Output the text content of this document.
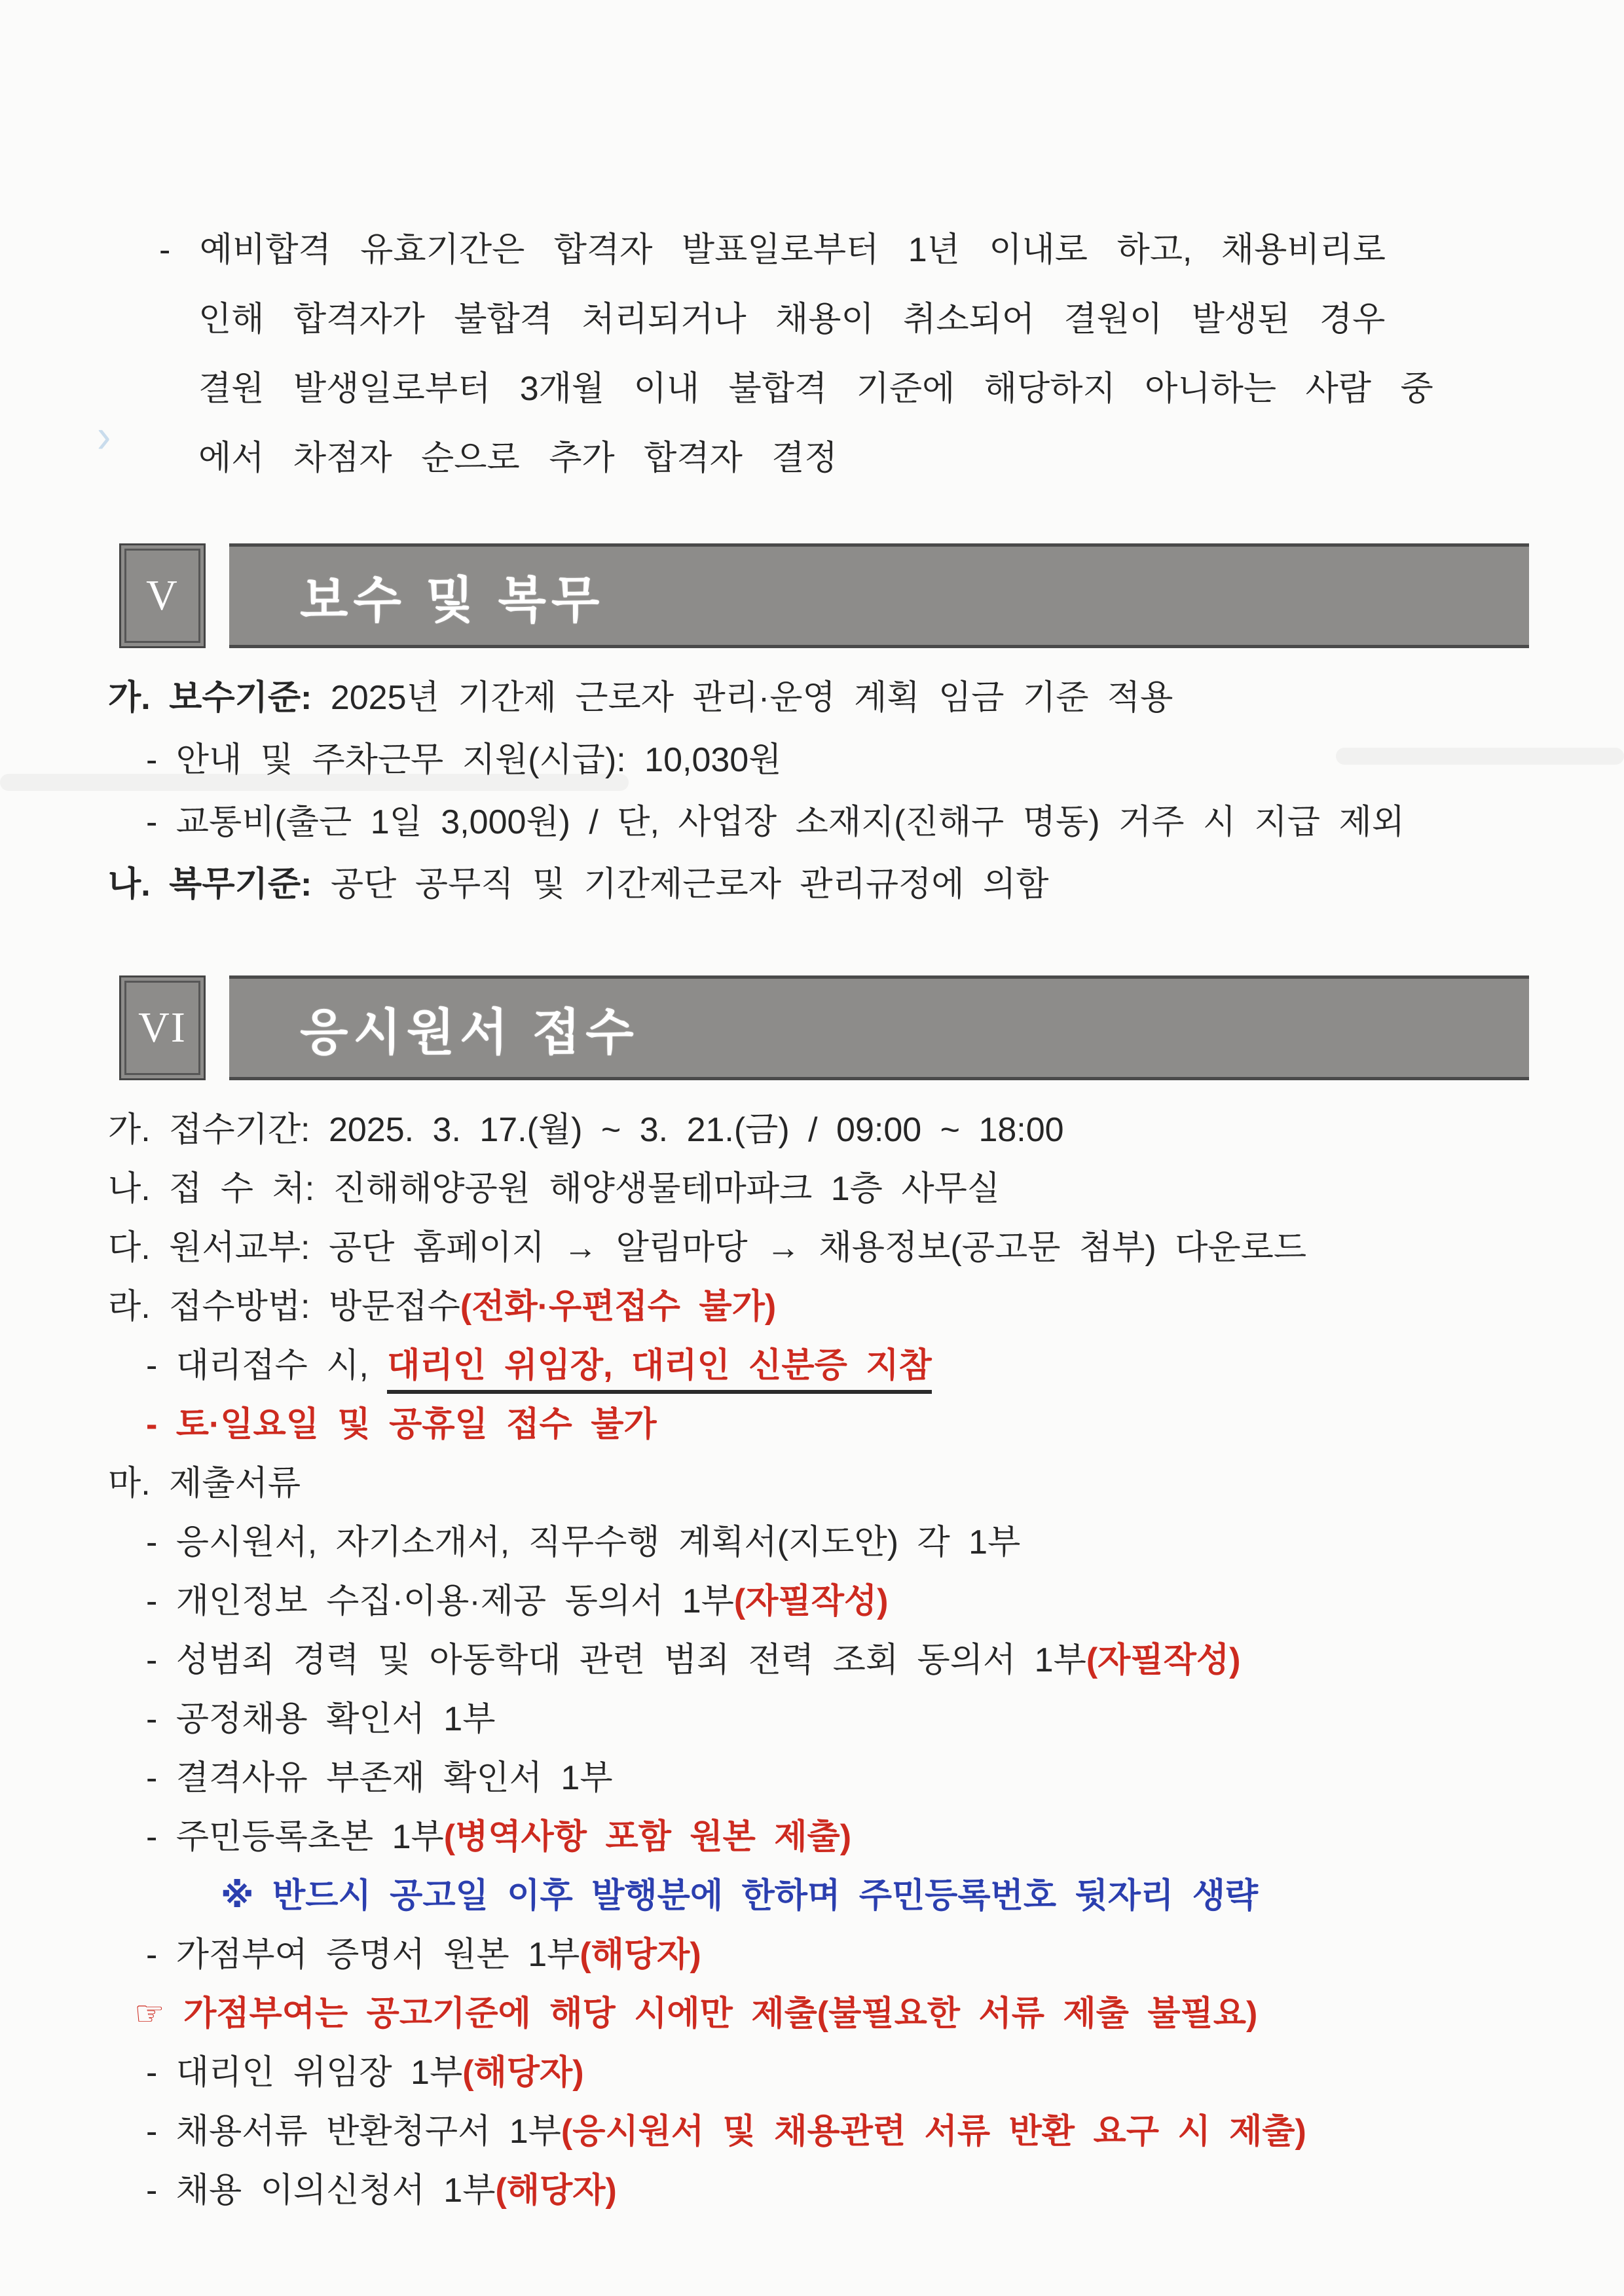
›
- 예비합격 유효기간은 합격자 발표일로부터 1년 이내로 하고, 채용비리로
인해 합격자가 불합격 처리되거나 채용이 취소되어 결원이 발생된 경우
결원 발생일로부터 3개월 이내 불합격 기준에 해당하지 아니하는 사람 중
에서 차점자 순으로 추가 합격자 결정
V	보수 및 복무
가. 보수기준: 2025년 기간제 근로자 관리·운영 계획 임금 기준 적용
- 안내 및 주차근무 지원(시급): 10,030원
- 교통비(출근 1일 3,000원) / 단, 사업장 소재지(진해구 명동) 거주 시 지급 제외
나. 복무기준: 공단 공무직 및 기간제근로자 관리규정에 의함
VI	응시원서 접수
가. 접수기간: 2025. 3. 17.(월) ~ 3. 21.(금) / 09:00 ~ 18:00
나. 접 수 처: 진해해양공원 해양생물테마파크 1층 사무실
다. 원서교부: 공단 홈페이지 → 알림마당 → 채용정보(공고문 첨부) 다운로드
라. 접수방법: 방문접수(전화·우편접수 불가)
- 대리접수 시, 대리인 위임장, 대리인 신분증 지참
- 토·일요일 및 공휴일 접수 불가
마. 제출서류
- 응시원서, 자기소개서, 직무수행 계획서(지도안) 각 1부
- 개인정보 수집·이용·제공 동의서 1부(자필작성)
- 성범죄 경력 및 아동학대 관련 범죄 전력 조회 동의서 1부(자필작성)
- 공정채용 확인서 1부
- 결격사유 부존재 확인서 1부
- 주민등록초본 1부(병역사항 포함 원본 제출)
※ 반드시 공고일 이후 발행분에 한하며 주민등록번호 뒷자리 생략
- 가점부여 증명서 원본 1부(해당자)
☞ 가점부여는 공고기준에 해당 시에만 제출(불필요한 서류 제출 불필요)
- 대리인 위임장 1부(해당자)
- 채용서류 반환청구서 1부(응시원서 및 채용관련 서류 반환 요구 시 제출)
- 채용 이의신청서 1부(해당자)
